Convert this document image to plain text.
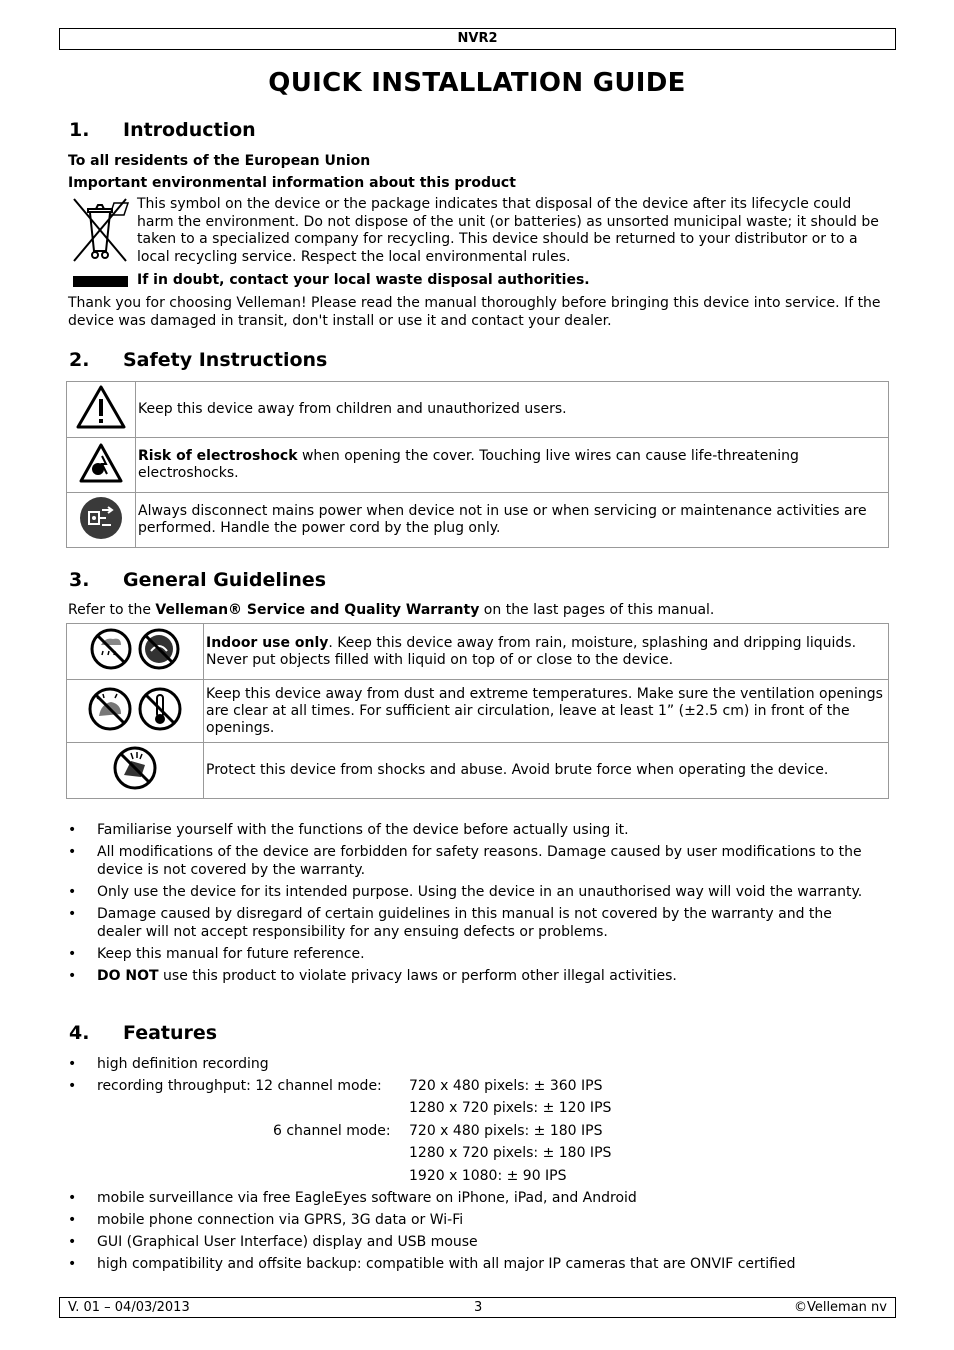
NVR2
QUICK INSTALLATION GUIDE
1. Introduction
To all residents of the European Union
Important environmental information about this product
This symbol on the device or the package indicates that disposal of the device after its lifecycle could harm the environment. Do not dispose of the unit (or batteries) as unsorted municipal waste; it should be taken to a specialized company for recycling. This device should be returned to your distributor or to a local recycling service. Respect the local environmental rules.
If in doubt, contact your local waste disposal authorities.
Thank you for choosing Velleman! Please read the manual thoroughly before bringing this device into service. If the device was damaged in transit, don't install or use it and contact your dealer.
2. Safety Instructions
	Keep this device away from children and unauthorized users.
	Risk of electroshock when opening the cover. Touching live wires can cause life-threatening electroshocks.
	Always disconnect mains power when device not in use or when servicing or maintenance activities are performed. Handle the power cord by the plug only.
3. General Guidelines
Refer to the Velleman® Service and Quality Warranty on the last pages of this manual.
	Indoor use only. Keep this device away from rain, moisture, splashing and dripping liquids. Never put objects filled with liquid on top of or close to the device.
	Keep this device away from dust and extreme temperatures. Make sure the ventilation openings are clear at all times. For sufficient air circulation, leave at least 1” (±2.5 cm) in front of the openings.
	Protect this device from shocks and abuse. Avoid brute force when operating the device.
• Familiarise yourself with the functions of the device before actually using it.
• All modifications of the device are forbidden for safety reasons. Damage caused by user modifications to the device is not covered by the warranty.
• Only use the device for its intended purpose. Using the device in an unauthorised way will void the warranty.
• Damage caused by disregard of certain guidelines in this manual is not covered by the warranty and the dealer will not accept responsibility for any ensuing defects or problems.
• Keep this manual for future reference.
• DO NOT use this product to violate privacy laws or perform other illegal activities.
4. Features
• high definition recording
• recording throughput: 12 channel mode:	720 x 480 pixels: ± 360 IPS
1280 x 720 pixels: ± 120 IPS
6 channel mode: 720 x 480 pixels: ± 180 IPS
1280 x 720 pixels: ± 180 IPS
1920 x 1080: ± 90 IPS
• mobile surveillance via free EagleEyes software on iPhone, iPad, and Android
• mobile phone connection via GPRS, 3G data or Wi-Fi
• GUI (Graphical User Interface) display and USB mouse
• high compatibility and offsite backup: compatible with all major IP cameras that are ONVIF certified
V. 01 – 04/03/2013	3	©Velleman nv
